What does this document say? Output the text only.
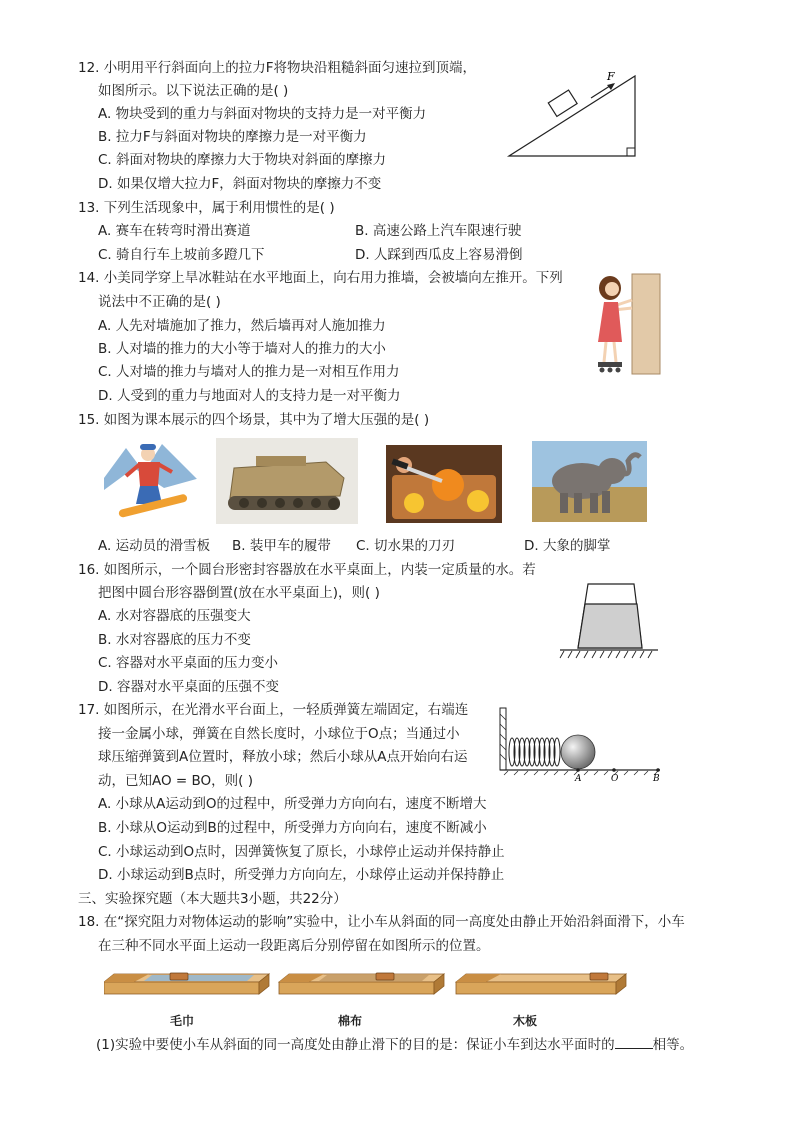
12. 小明用平行斜面向上的拉力F将物块沿粗糙斜面匀速拉到顶端，
如图所示。以下说法正确的是( )
A. 物块受到的重力与斜面对物块的支持力是一对平衡力
B. 拉力F与斜面对物块的摩擦力是一对平衡力
C. 斜面对物块的摩擦力大于物块对斜面的摩擦力
D. 如果仅增大拉力F，斜面对物块的摩擦力不变
F
13. 下列生活现象中，属于利用惯性的是( )
A. 赛车在转弯时滑出赛道	B. 高速公路上汽车限速行驶
C. 骑自行车上坡前多蹬几下	D. 人踩到西瓜皮上容易滑倒
14. 小美同学穿上旱冰鞋站在水平地面上，向右用力推墙，会被墙向左推开。下列
说法中不正确的是( )
A. 人先对墙施加了推力，然后墙再对人施加推力
B. 人对墙的推力的大小等于墙对人的推力的大小
C. 人对墙的推力与墙对人的推力是一对相互作用力
D. 人受到的重力与地面对人的支持力是一对平衡力
15. 如图为课本展示的四个场景，其中为了增大压强的是( )
A. 运动员的滑雪板 B. 装甲车的履带 C. 切水果的刀刃	D. 大象的脚掌
16. 如图所示，一个圆台形密封容器放在水平桌面上，内装一定质量的水。若
把图中圆台形容器倒置(放在水平桌面上)，则( )
A. 水对容器底的压强变大
B. 水对容器底的压力不变
C. 容器对水平桌面的压力变小
D. 容器对水平桌面的压强不变
17. 如图所示，在光滑水平台面上，一轻质弹簧左端固定，右端连
接一金属小球，弹簧在自然长度时，小球位于O点；当通过小
球压缩弹簧到A位置时，释放小球；然后小球从A点开始向右运
动，已知AO = BO，则( )
A. 小球从A运动到O的过程中，所受弹力方向向右，速度不断增大
B. 小球从O运动到B的过程中，所受弹力方向向右，速度不断减小
C. 小球运动到O点时，因弹簧恢复了原长，小球停止运动并保持静止
D. 小球运动到B点时，所受弹力方向向左，小球停止运动并保持静止
A	O	B
三、实验探究题（本大题共3小题，共22分）
18. 在“探究阻力对物体运动的影响”实验中，让小车从斜面的同一高度处由静止开始沿斜面滑下，小车
在三种不同水平面上运动一段距离后分别停留在如图所示的位置。
毛巾	棉布	木板
(1)实验中要使小车从斜面的同一高度处由静止滑下的目的是：保证小车到达水平面时的	相等。
